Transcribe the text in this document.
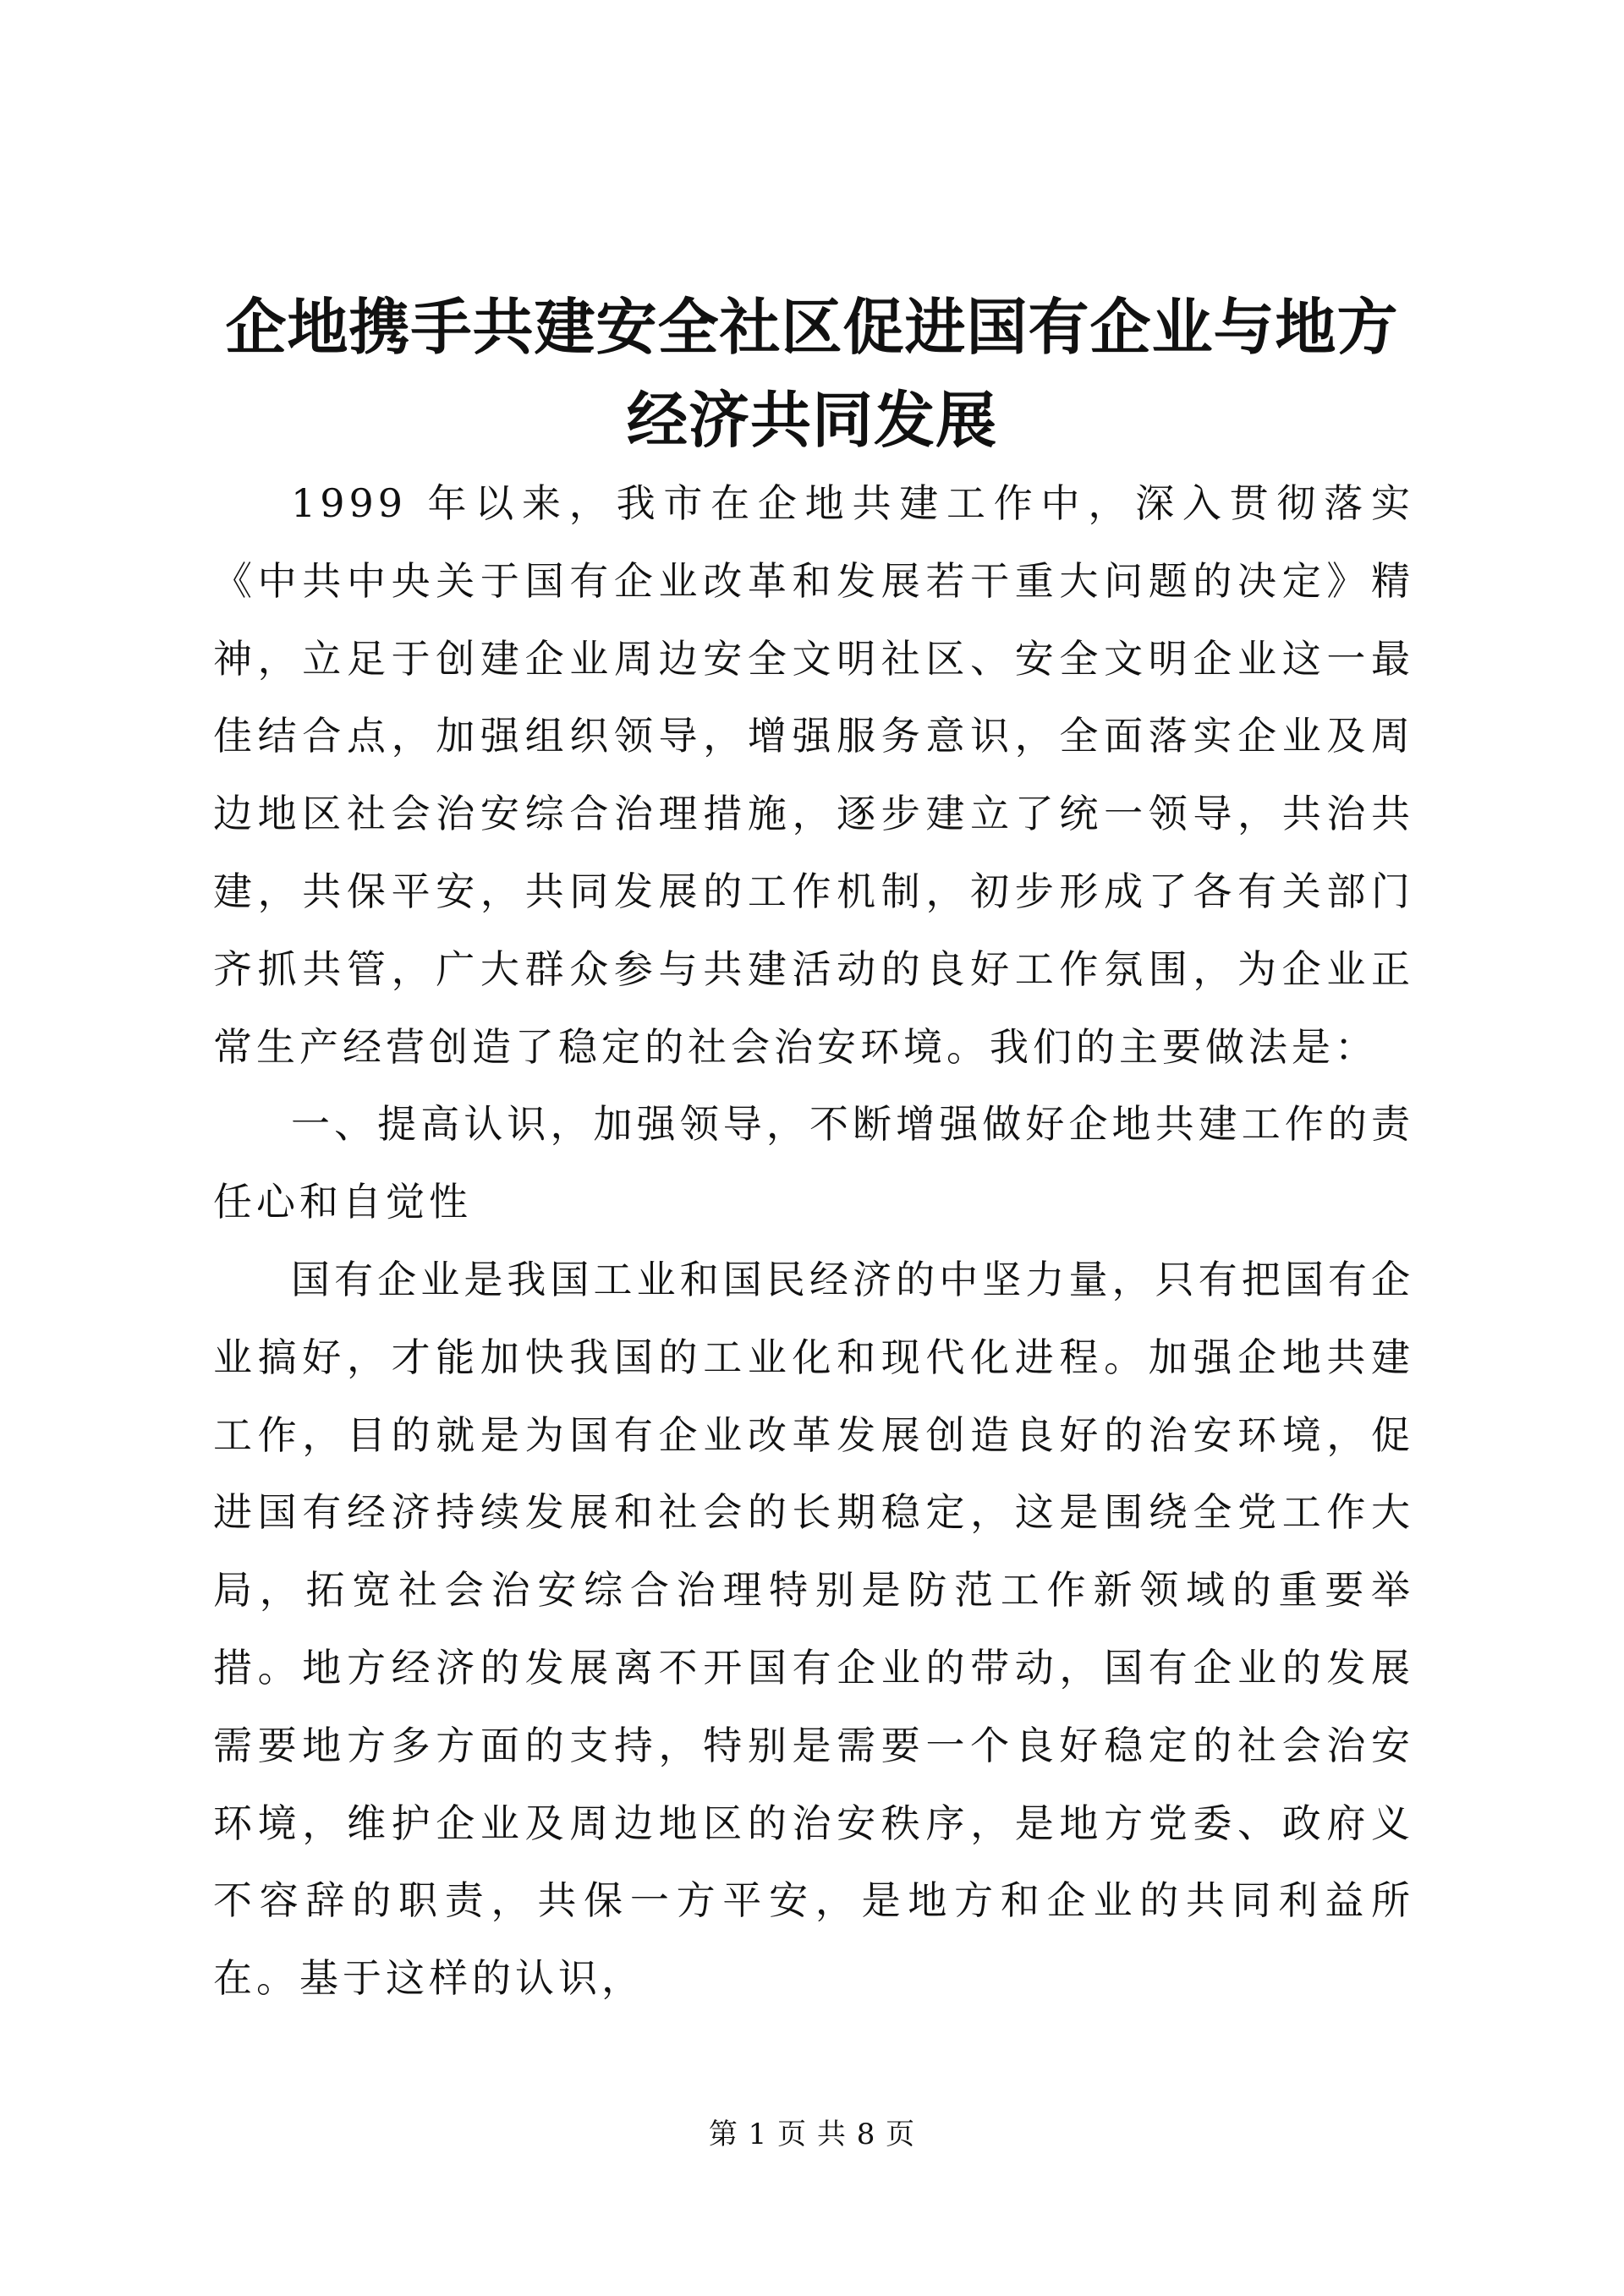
企地携手共建安全社区促进国有企业与地方经济共同发展

1999 年以来，我市在企地共建工作中，深入贯彻落实《中共中央关于国有企业改革和发展若干重大问题的决定》精神，立足于创建企业周边安全文明社区、安全文明企业这一最佳结合点，加强组织领导，增强服务意识，全面落实企业及周边地区社会治安综合治理措施，逐步建立了统一领导，共治共建，共保平安，共同发展的工作机制，初步形成了各有关部门齐抓共管，广大群众参与共建活动的良好工作氛围，为企业正常生产经营创造了稳定的社会治安环境。我们的主要做法是：

一、提高认识，加强领导，不断增强做好企地共建工作的责任心和自觉性

国有企业是我国工业和国民经济的中坚力量，只有把国有企业搞好，才能加快我国的工业化和现代化进程。加强企地共建工作，目的就是为国有企业改革发展创造良好的治安环境，促进国有经济持续发展和社会的长期稳定，这是围绕全党工作大局，拓宽社会治安综合治理特别是防范工作新领域的重要举措。地方经济的发展离不开国有企业的带动，国有企业的发展需要地方多方面的支持，特别是需要一个良好稳定的社会治安环境，维护企业及周边地区的治安秩序，是地方党委、政府义不容辞的职责，共保一方平安，是地方和企业的共同利益所在。基于这样的认识，

第 1 页 共 8 页
